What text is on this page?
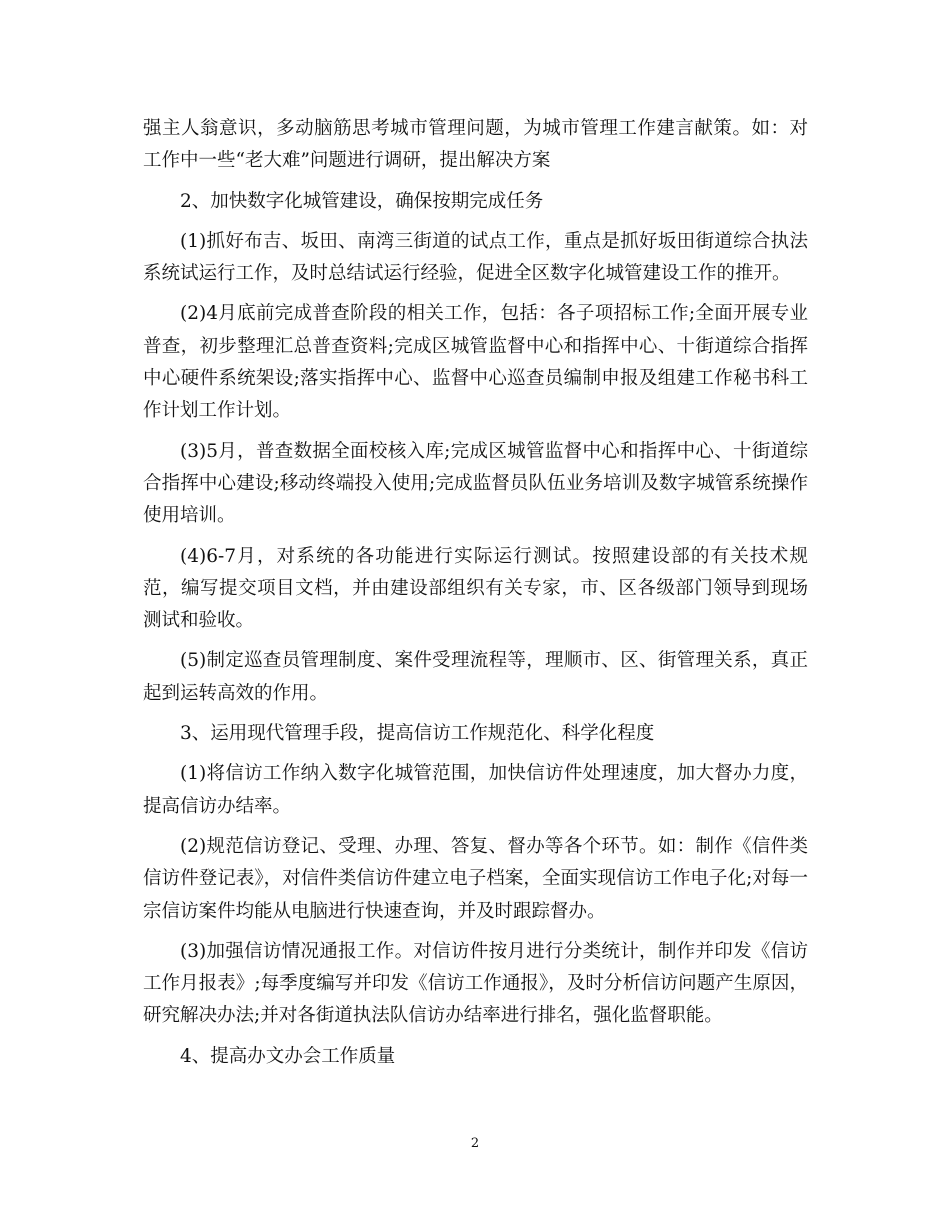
强主人翁意识，多动脑筋思考城市管理问题，为城市管理工作建言献策。如：对工作中一些“老大难”问题进行调研，提出解决方案

2、加快数字化城管建设，确保按期完成任务

(1)抓好布吉、坂田、南湾三街道的试点工作，重点是抓好坂田街道综合执法系统试运行工作，及时总结试运行经验，促进全区数字化城管建设工作的推开。

(2)4月底前完成普查阶段的相关工作，包括：各子项招标工作;全面开展专业普查，初步整理汇总普查资料;完成区城管监督中心和指挥中心、十街道综合指挥中心硬件系统架设;落实指挥中心、监督中心巡查员编制申报及组建工作秘书科工作计划工作计划。

(3)5月，普查数据全面校核入库;完成区城管监督中心和指挥中心、十街道综合指挥中心建设;移动终端投入使用;完成监督员队伍业务培训及数字城管系统操作使用培训。

(4)6-7月，对系统的各功能进行实际运行测试。按照建设部的有关技术规范，编写提交项目文档，并由建设部组织有关专家，市、区各级部门领导到现场测试和验收。

(5)制定巡查员管理制度、案件受理流程等，理顺市、区、街管理关系，真正起到运转高效的作用。

3、运用现代管理手段，提高信访工作规范化、科学化程度

(1)将信访工作纳入数字化城管范围，加快信访件处理速度，加大督办力度，提高信访办结率。

(2)规范信访登记、受理、办理、答复、督办等各个环节。如：制作《信件类信访件登记表》，对信件类信访件建立电子档案，全面实现信访工作电子化;对每一宗信访案件均能从电脑进行快速查询，并及时跟踪督办。

(3)加强信访情况通报工作。对信访件按月进行分类统计，制作并印发《信访工作月报表》;每季度编写并印发《信访工作通报》，及时分析信访问题产生原因，研究解决办法;并对各街道执法队信访办结率进行排名，强化监督职能。

4、提高办文办会工作质量

2
